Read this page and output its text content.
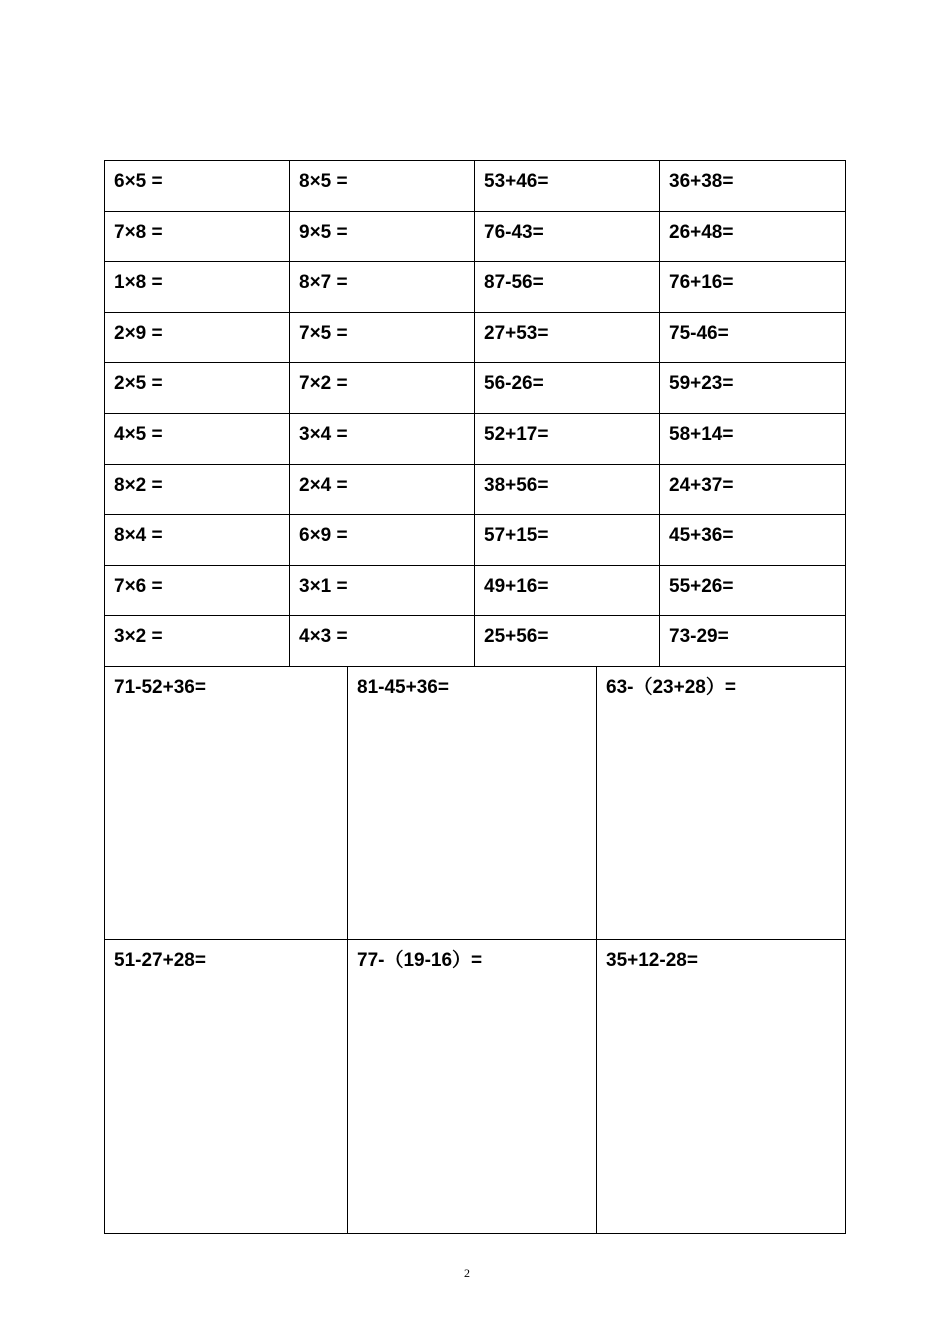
6×5 =	8×5 =	53+46=	36+38=
7×8 =	9×5 =	76-43=	26+48=
1×8 =	8×7 =	87-56=	76+16=
2×9 =	7×5 =	27+53=	75-46=
2×5 =	7×2 =	56-26=	59+23=
4×5 =	3×4 =	52+17=	58+14=
8×2 =	2×4 =	38+56=	24+37=
8×4 =	6×9 =	57+15=	45+36=
7×6 =	3×1 =	49+16=	55+26=
3×2 =	4×3 =	25+56=	73-29=
71-52+36=	81-45+36=	63-（23+28）=
51-27+28=	77-（19-16）=	35+12-28=
2
